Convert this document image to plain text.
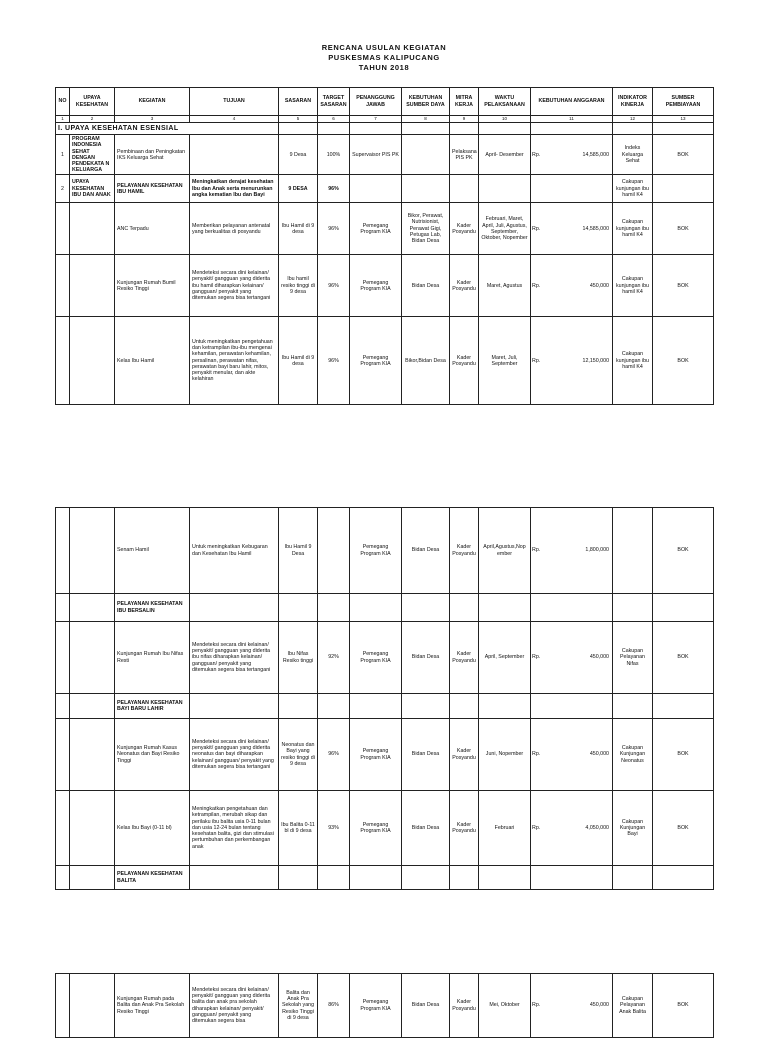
RENCANA USULAN KEGIATAN
PUSKESMAS KALIPUCANG
TAHUN 2018
NO	UPAYA KESEHATAN	KEGIATAN	TUJUAN	SASARAN	TARGET SASARAN	PENANGGUNG JAWAB	KEBUTUHAN SUMBER DAYA	MITRA KERJA	WAKTU PELAKSANAAN	KEBUTUHAN ANGGARAN		INDIKATOR KINERJA	SUMBER PEMBIAYAAN
1	2	3	4	5	6	7	8	9	10	11		12	13
I. UPAYA KESEHATAN ESENSIAL													
1	PROGRAM INDONESIA SEHAT DENGAN PENDEKATA N KELUARGA	Pembinaan dan Peningkatan IKS Keluarga Sehat		9 Desa	100%	Supervaisor PIS PK		Pelaksana PIS PK	April- Desember	Rp.	14,585,000	Indeks Keluarga Sehat	BOK
2	UPAYA KESEHATAN IBU DAN ANAK	PELAYANAN KESEHATAN IBU HAMIL	Meningkatkan derajat kesehatan Ibu dan Anak serta menurunkan angka kematian Ibu dan Bayi	9 DESA	96%							Cakupan kunjungan ibu hamil K4	
		ANC Terpadu	Memberikan pelayanan antenatal yang berkualitas di posyandu	Ibu Hamil di 9 desa	96%	Pemegang Program KIA	Bikor, Perawat, Nutrisionist, Perawat Gigi, Petugas Lab, Bidan Desa	Kader Posyandu	Februari, Maret, April, Juli, Agustus, September, Oktober, Nopember	Rp.	14,585,000	Cakupan kunjungan ibu hamil K4	BOK
		Kunjungan Rumah Bumil Resiko Tinggi	Mendeteksi secara dini kelainan/ penyakit/ gangguan yang diderita ibu hamil diharapkan kelainan/ gangguan/ penyakit yang ditemukan segera bisa tertangani	Ibu hamil resiko tinggi di 9 desa	96%	Pemegang Program KIA	Bidan Desa	Kader Posyandu	Maret, Agustus	Rp.	450,000	Cakupan kunjungan ibu hamil K4	BOK
		Kelas Ibu Hamil	Untuk meningkatkan pengetahuan dan ketrampilan ibu-ibu mengenai kehamilan, perawatan kehamilan, persalinan, perawatan nifas, perawatan bayi baru lahir, mitos, penyakit menular, dan akte kelahiran	Ibu Hamil di 9 desa	96%	Pemegang Program KIA	Bikor,Bidan Desa	Kader Posyandu	Maret, Juli, September	Rp.	12,150,000	Cakupan kunjungan ibu hamil K4	BOK
		Senam Hamil	Untuk meningkatkan Kebugaran dan Kesehatan Ibu Hamil	Ibu Hamil 9 Desa		Pemegang Program KIA	Bidan Desa	Kader Posyandu	April,Agustus,Nop ember	Rp.	1,800,000		BOK
		PELAYANAN KESEHATAN IBU BERSALIN											
		Kunjungan Rumah Ibu Nifas Resti	Mendeteksi secara dini kelainan/ penyakit/ gangguan yang diderita ibu nifas diharapkan kelainan/ gangguan/ penyakit yang ditemukan segera bisa tertangani	Ibu Nifas Resiko tinggi	92%	Pemegang Program KIA	Bidan Desa	Kader Posyandu	April, September	Rp.	450,000	Cakupan Pelayanan Nifas	BOK
		PELAYANAN KESEHATAN BAYI BARU LAHIR											
		Kunjungan Rumah Kasus Neonatus dan Bayi Resiko Tinggi	Mendeteksi secara dini kelainan/ penyakit/ gangguan yang diderita neonatus dan bayi diharapkan kelainan/ gangguan/ penyakit yang ditemukan segera bisa tertangani	Neonatus dan Bayi yang resiko tinggi di 9 desa	96%	Pemegang Program KIA	Bidan Desa	Kader Posyandu	Juni, Nopember	Rp.	450,000	Cakupan Kunjungan Neonatus	BOK
		Kelas Ibu Bayi (0-11 bl)	Meningkatkan pengetahuan dan ketrampilan, merubah sikap dan perilaku ibu balita usia 0-11 bulan dan usia 12-24 bulan tentang kesehatan balita, gizi dan stimulasi pertumbuhan dan perkembangan anak	Ibu Balita 0-11 bl di 9 desa	93%	Pemegang Program KIA	Bidan Desa	Kader Posyandu	Februari	Rp.	4,050,000	Cakupan Kunjungan Bayi	BOK
		PELAYANAN KESEHATAN BALITA											
		Kunjungan Rumah pada Balita dan Anak Pra Sekolah Resiko Tinggi	Mendeteksi secara dini kelainan/ penyakit/ gangguan yang diderita balita dan anak pra sekolah diharapkan kelainan/ penyakit/ gangguan/ penyakit yang ditemukan segera bisa	Balita dan Anak Pra Sekolah yang Resiko Tinggi di 9 desa	86%	Pemegang Program KIA	Bidan Desa	Kader Posyandu	Mei, Oktober	Rp.	450,000	Cakupan Pelayanan Anak Balita	BOK
